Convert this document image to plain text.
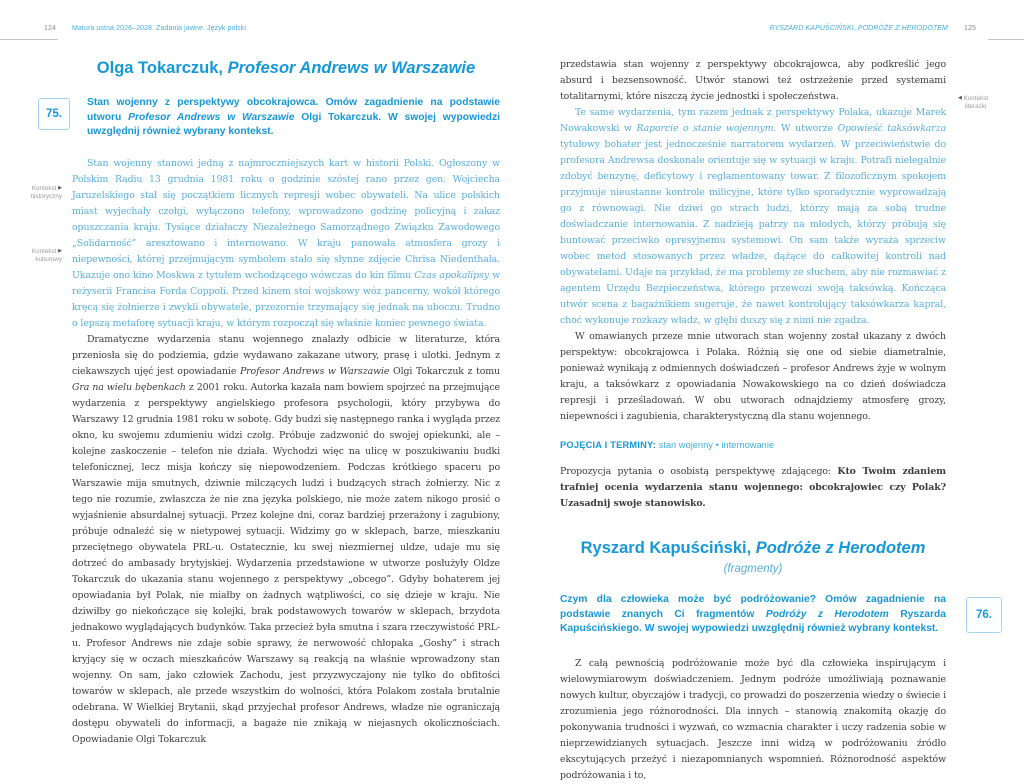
124 Matura ustna 2026–2028. Zadania jawne. Język polski
Kontekst ▶
historyczny
Kontekst ▶
kulturowy
Olga Tokarczuk, Profesor Andrews w Warszawie
75.
Stan wojenny z perspektywy obcokrajowca. Omów zagadnienie na podstawie utworu Profesor Andrews w Warszawie Olgi Tokarczuk. W swojej wypowiedzi uwzględnij również wybrany kontekst.

Stan wojenny stanowi jedną z najmroczniejszych kart w historii Polski. Ogłoszony w Polskim Radiu 13 grudnia 1981 roku o godzinie szóstej rano przez gen. Wojciecha Jaruzelskiego stał się początkiem licznych represji wobec obywateli. Na ulice polskich miast wyjechały czołgi, wyłączono telefony, wprowadzono godzinę policyjną i zakaz opuszczania kraju. Tysiące działaczy Niezależnego Samorządnego Związku Zawodowego „Solidarność” aresztowano i internowano. W kraju panowała atmosfera grozy i niepewności, której przejmującym symbolem stało się słynne zdjęcie Chrisa Niedenthala. Ukazuje ono kino Moskwa z tytułem wchodzącego wówczas do kin filmu Czas apokalipsy w reżyserii Francisa Forda Coppoli. Przed kinem stoi wojskowy wóz pancerny, wokół którego kręcą się żołnierze i zwykli obywatele, przezornie trzymający się jednak na uboczu. Trudno o lepszą metaforę sytuacji kraju, w którym rozpoczął się właśnie koniec pewnego świata.

Dramatyczne wydarzenia stanu wojennego znalazły odbicie w literaturze, która przeniosła się do podziemia, gdzie wydawano zakazane utwory, prasę i ulotki. Jednym z ciekawszych ujęć jest opowiadanie Profesor Andrews w Warszawie Olgi Tokarczuk z tomu Gra na wielu bębenkach z 2001 roku. Autorka kazała nam bowiem spojrzeć na przejmujące wydarzenia z perspektywy angielskiego profesora psychologii, który przybywa do Warszawy 12 grudnia 1981 roku w sobotę. Gdy budzi się następnego ranka i wygląda przez okno, ku swojemu zdumieniu widzi czołg. Próbuje zadzwonić do swojej opiekunki, ale – kolejne zaskoczenie – telefon nie działa. Wychodzi więc na ulicę w poszukiwaniu budki telefonicznej, lecz misja kończy się niepowodzeniem. Podczas krótkiego spaceru po Warszawie mija smutnych, dziwnie milczących ludzi i budzących strach żołnierzy. Nic z tego nie rozumie, zwłaszcza że nie zna języka polskiego, nie może zatem nikogo prosić o wyjaśnienie absurdalnej sytuacji. Przez kolejne dni, coraz bardziej przerażony i zagubiony, próbuje odnaleźć się w nietypowej sytuacji. Widzimy go w sklepach, barze, mieszkaniu przeciętnego obywatela PRL-u. Ostatecznie, ku swej niezmiernej uldze, udaje mu się dotrzeć do ambasady brytyjskiej. Wydarzenia przedstawione w utworze posłużyły Oldze Tokarczuk do ukazania stanu wojennego z perspektywy „obcego”. Gdyby bohaterem jej opowiadania był Polak, nie miałby on żadnych wątpliwości, co się dzieje w kraju. Nie dziwiłby go niekończące się kolejki, brak podstawowych towarów w sklepach, brzydota jednakowo wyglądających budynków. Taka przecież była smutna i szara rzeczywistość PRL-u. Profesor Andrews nie zdaje sobie sprawy, że nerwowość chłopaka „Goshy” i strach kryjący się w oczach mieszkańców Warszawy są reakcją na właśnie wprowadzony stan wojenny. On sam, jako człowiek Zachodu, jest przyzwyczajony nie tylko do obfitości towarów w sklepach, ale przede wszystkim do wolności, która Polakom została brutalnie odebrana. W Wielkiej Brytanii, skąd przyjechał profesor Andrews, władze nie ograniczają dostępu obywateli do informacji, a bagaże nie znikają w niejasnych okolicznościach. Opowiadanie Olgi Tokarczuk

RYSZARD KAPUŚCIŃSKI, PODRÓŻE Z HERODOTEM 125
◀ Kontekst
literacki

przedstawia stan wojenny z perspektywy obcokrajowca, aby podkreślić jego absurd i bezsensowność. Utwór stanowi też ostrzeżenie przed systemami totalitarnymi, które niszczą życie jednostki i społeczeństwa.

Te same wydarzenia, tym razem jednak z perspektywy Polaka, ukazuje Marek Nowakowski w Raporcie o stanie wojennym. W utworze Opowieść taksówkarza tytułowy bohater jest jednocześnie narratorem wydarzeń. W przeciwieństwie do profesora Andrewsa doskonale orientuje się w sytuacji w kraju. Potrafi nielegalnie zdobyć benzynę, deficytowy i reglamentowany towar. Z filozoficznym spokojem przyjmuje nieustanne kontrole milicyjne, które tylko sporadycznie wyprowadzają go z równowagi. Nie dziwi go strach ludzi, którzy mają za sobą trudne doświadczanie internowania. Z nadzieją patrzy na młodych, którzy próbują się buntować przeciwko opresyjnemu systemowi. On sam także wyraża sprzeciw wobec metod stosowanych przez władze, dążące do całkowitej kontroli nad obywatelami. Udaje na przykład, że ma problemy ze słuchem, aby nie rozmawiać z agentem Urzędu Bezpieczeństwa, którego przewozi swoją taksówką. Kończąca utwór scena z bagażnikiem sugeruje, że nawet kontrolujący taksówkarza kapral, choć wykonuje rozkazy władz, w głębi duszy się z nimi nie zgadza.

W omawianych przeze mnie utworach stan wojenny został ukazany z dwóch perspektyw: obcokrajowca i Polaka. Różnią się one od siebie diametralnie, ponieważ wynikają z odmiennych doświadczeń – profesor Andrews żyje w wolnym kraju, a taksówkarz z opowiadania Nowakowskiego na co dzień doświadcza represji i prześladowań. W obu utworach odnajdziemy atmosferę grozy, niepewności i zagubienia, charakterystyczną dla stanu wojennego.

POJĘCIA I TERMINY: stan wojenny • internowanie
Propozycja pytania o osobistą perspektywę zdającego: Kto Twoim zdaniem trafniej ocenia wydarzenia stanu wojennego: obcokrajowiec czy Polak? Uzasadnij swoje stanowisko.
Ryszard Kapuściński, Podróże z Herodotem
(fragmenty)
Czym dla człowieka może być podróżowanie? Omów zagadnienie na podstawie znanych Ci fragmentów Podróży z Herodotem Ryszarda Kapuścińskiego. W swojej wypowiedzi uwzględnij również wybrany kontekst.
76.

Z całą pewnością podróżowanie może być dla człowieka inspirującym i wielowymiarowym doświadczeniem. Jednym podróże umożliwiają poznawanie nowych kultur, obyczajów i tradycji, co prowadzi do poszerzenia wiedzy o świecie i zrozumienia jego różnorodności. Dla innych – stanowią znakomitą okazję do pokonywania trudności i wyzwań, co wzmacnia charakter i uczy radzenia sobie w nieprzewidzianych sytuacjach. Jeszcze inni widzą w podróżowaniu źródło ekscytujących przeżyć i niezapomnianych wspomnień. Różnorodność aspektów podróżowania i to,
